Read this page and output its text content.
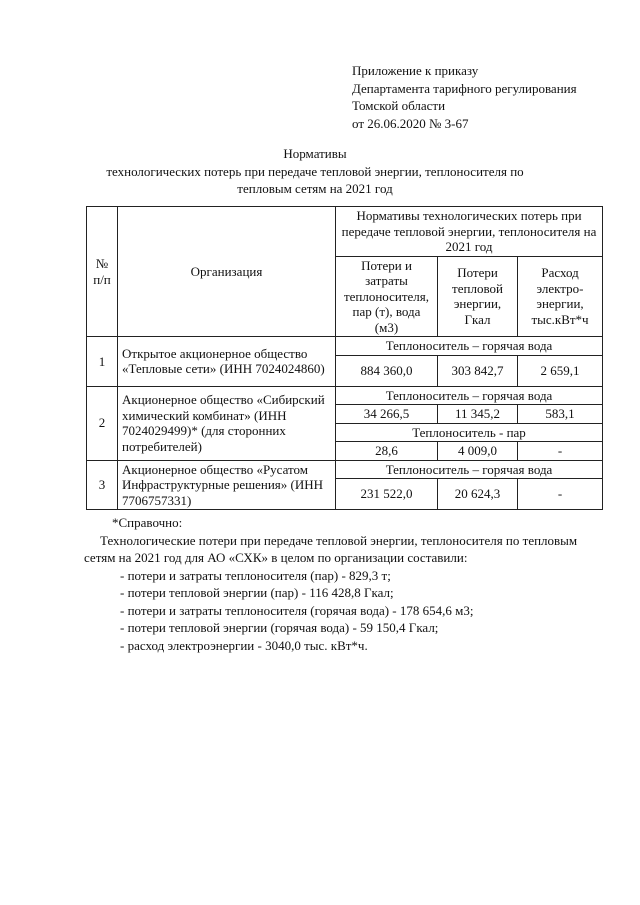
Приложение к приказу
Департамента тарифного регулирования
Томской области
от 26.06.2020 № 3-67
Нормативы
технологических потерь при передаче тепловой энергии, теплоносителя по
тепловым сетям на 2021 год
№ п/п	Организация	Нормативы технологических потерь при передаче тепловой энергии, теплоносителя на 2021 год		
		Потери и затраты теплоносителя, пар (т), вода (м3)	Потери тепловой энергии, Гкал	Расход электро-энергии, тыс.кВт*ч
1	Открытое акционерное общество «Тепловые сети» (ИНН 7024024860)	Теплоноситель – горячая вода		
		884 360,0	303 842,7	2 659,1
2	Акционерное общество «Сибирский химический комбинат» (ИНН 7024029499)* (для сторонних потребителей)	Теплоноситель – горячая вода		
		34 266,5	11 345,2	583,1
		Теплоноситель - пар		
		28,6	4 009,0	-
3	Акционерное общество «Русатом Инфраструктурные решения» (ИНН 7706757331)	Теплоноситель – горячая вода		
		231 522,0	20 624,3	-

*Справочно:

Технологические потери при передаче тепловой энергии, теплоносителя по тепловым сетям на 2021 год для АО «СХК» в целом по организации составили:

- потери и затраты теплоносителя (пар) - 829,3 т;
- потери тепловой энергии (пар) - 116 428,8 Гкал;
- потери и затраты теплоносителя (горячая вода) - 178 654,6 м3;
- потери тепловой энергии (горячая вода) - 59 150,4 Гкал;
- расход электроэнергии - 3040,0 тыс. кВт*ч.
